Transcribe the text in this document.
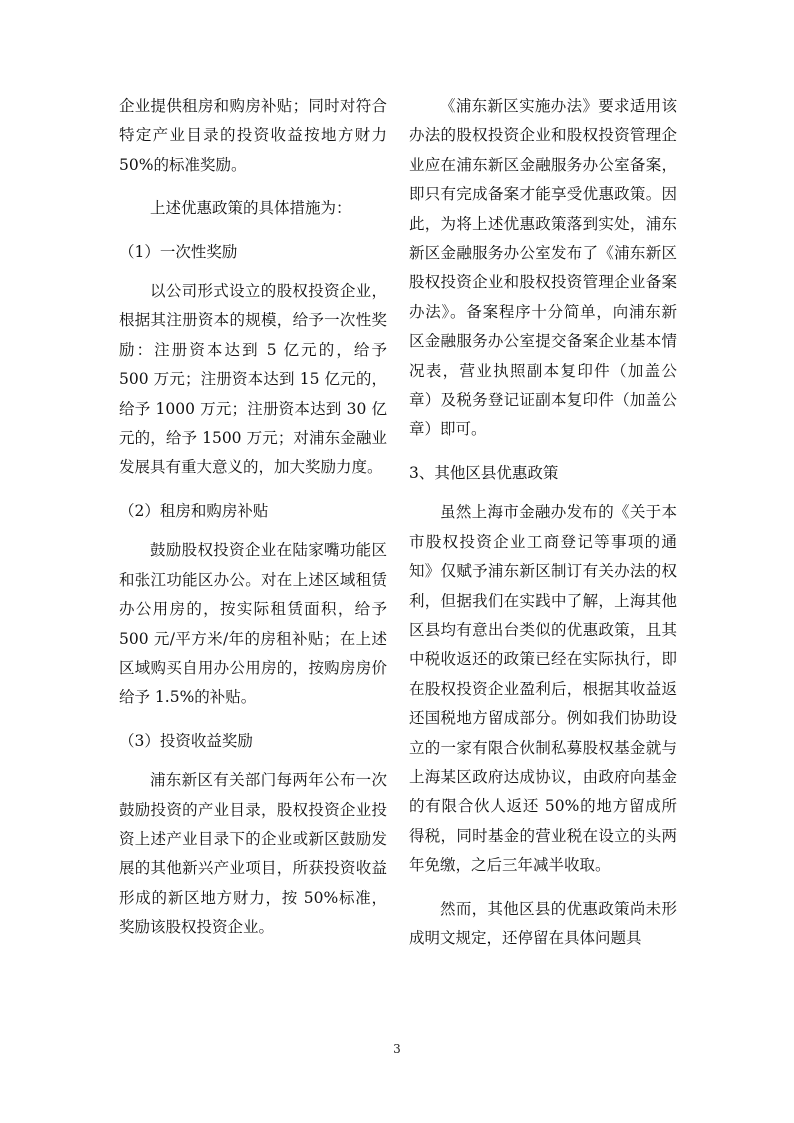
企业提供租房和购房补贴；同时对符合特定产业目录的投资收益按地方财力 50%的标准奖励。

上述优惠政策的具体措施为：

（1）一次性奖励

以公司形式设立的股权投资企业，根据其注册资本的规模，给予一次性奖励：注册资本达到 5 亿元的，给予 500 万元；注册资本达到 15 亿元的，给予 1000 万元；注册资本达到 30 亿元的，给予 1500 万元；对浦东金融业发展具有重大意义的，加大奖励力度。

（2）租房和购房补贴

鼓励股权投资企业在陆家嘴功能区和张江功能区办公。对在上述区域租赁办公用房的，按实际租赁面积，给予 500 元/平方米/年的房租补贴；在上述区域购买自用办公用房的，按购房房价给予 1.5%的补贴。

（3）投资收益奖励

浦东新区有关部门每两年公布一次鼓励投资的产业目录，股权投资企业投资上述产业目录下的企业或新区鼓励发展的其他新兴产业项目，所获投资收益形成的新区地方财力，按 50%标准，奖励该股权投资企业。

《浦东新区实施办法》要求适用该办法的股权投资企业和股权投资管理企业应在浦东新区金融服务办公室备案，即只有完成备案才能享受优惠政策。因此，为将上述优惠政策落到实处，浦东新区金融服务办公室发布了《浦东新区股权投资企业和股权投资管理企业备案办法》。备案程序十分简单，向浦东新区金融服务办公室提交备案企业基本情况表，营业执照副本复印件（加盖公章）及税务登记证副本复印件（加盖公章）即可。

3、其他区县优惠政策

虽然上海市金融办发布的《关于本市股权投资企业工商登记等事项的通知》仅赋予浦东新区制订有关办法的权利，但据我们在实践中了解，上海其他区县均有意出台类似的优惠政策，且其中税收返还的政策已经在实际执行，即在股权投资企业盈利后，根据其收益返还国税地方留成部分。例如我们协助设立的一家有限合伙制私募股权基金就与上海某区政府达成协议，由政府向基金的有限合伙人返还 50%的地方留成所得税，同时基金的营业税在设立的头两年免缴，之后三年减半收取。

然而，其他区县的优惠政策尚未形成明文规定，还停留在具体问题具

3
